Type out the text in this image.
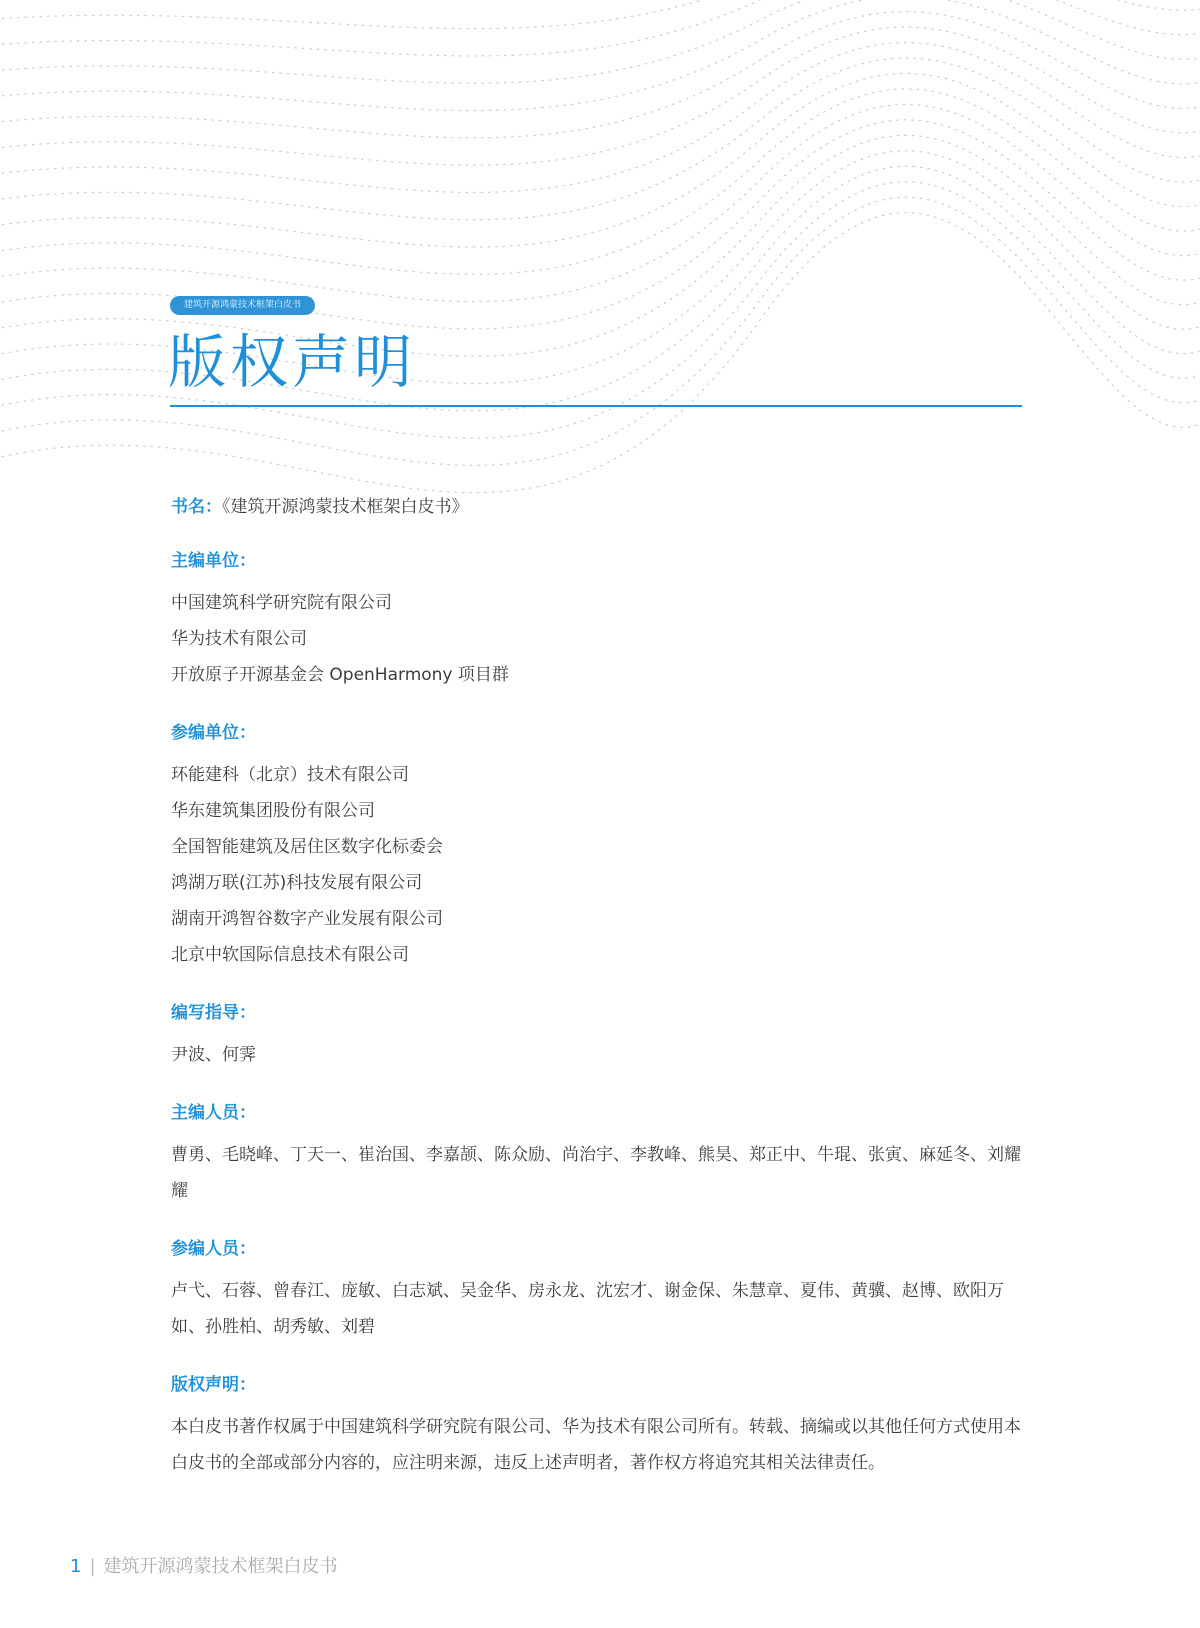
建筑开源鸿蒙技术框架白皮书
版权声明
书名：《建筑开源鸿蒙技术框架白皮书》
主编单位：
中国建筑科学研究院有限公司
华为技术有限公司
开放原子开源基金会 OpenHarmony 项目群
参编单位：
环能建科（北京）技术有限公司
华东建筑集团股份有限公司
全国智能建筑及居住区数字化标委会
鸿湖万联(江苏)科技发展有限公司
湖南开鸿智谷数字产业发展有限公司
北京中软国际信息技术有限公司
编写指导：
尹波、何霁
主编人员：
曹勇、毛晓峰、丁天一、崔治国、李嘉颉、陈众励、尚治宇、李教峰、熊昊、郑正中、牛琨、张寅、麻延冬、刘耀耀
参编人员：
卢弋、石蓉、曾春江、庞敏、白志斌、吴金华、房永龙、沈宏才、谢金保、朱慧章、夏伟、黄骥、赵博、欧阳万如、孙胜柏、胡秀敏、刘碧
版权声明：
本白皮书著作权属于中国建筑科学研究院有限公司、华为技术有限公司所有。转载、摘编或以其他任何方式使用本白皮书的全部或部分内容的，应注明来源，违反上述声明者，著作权方将追究其相关法律责任。
1 | 建筑开源鸿蒙技术框架白皮书
